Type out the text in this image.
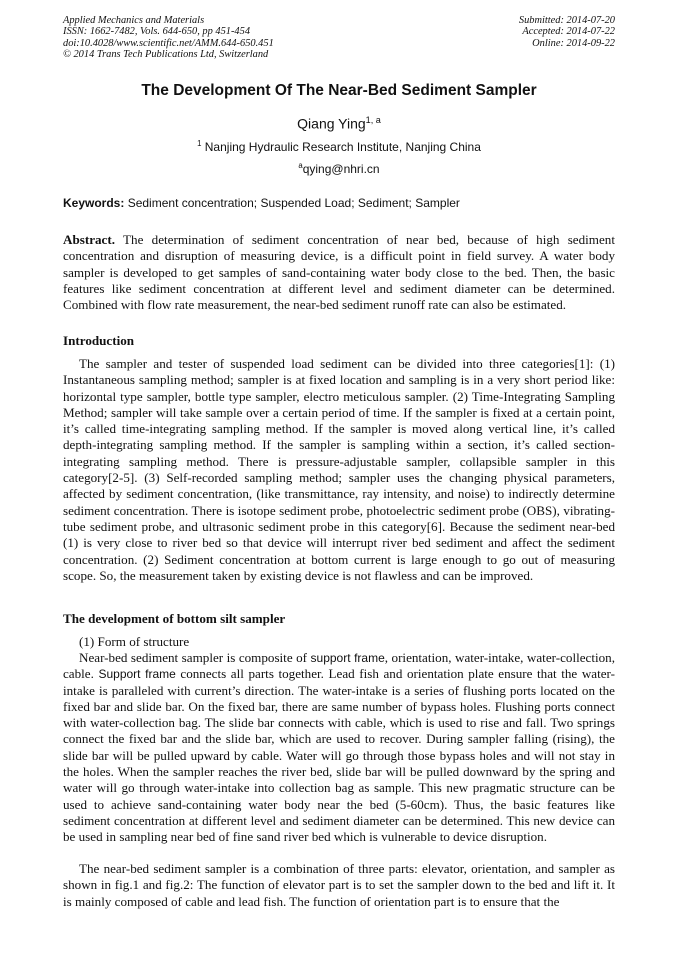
Applied Mechanics and Materials
ISSN: 1662-7482, Vols. 644-650, pp 451-454
doi:10.4028/www.scientific.net/AMM.644-650.451
© 2014 Trans Tech Publications Ltd, Switzerland
Submitted: 2014-07-20
Accepted: 2014-07-22
Online: 2014-09-22
The Development Of The Near-Bed Sediment Sampler
Qiang Ying$^{1, a}$
$^1$ Nanjing Hydraulic Research Institute, Nanjing China
$^a$qying@nhri.cn
Keywords: Sediment concentration; Suspended Load; Sediment; Sampler
Abstract. The determination of sediment concentration of near bed, because of high sediment concentration and disruption of measuring device, is a difficult point in field survey. A water body sampler is developed to get samples of sand-containing water body close to the bed. Then, the basic features like sediment concentration at different level and sediment diameter can be determined. Combined with flow rate measurement, the near-bed sediment runoff rate can also be estimated.
Introduction
The sampler and tester of suspended load sediment can be divided into three categories[1]: (1) Instantaneous sampling method; sampler is at fixed location and sampling is in a very short period like: horizontal type sampler, bottle type sampler, electro meticulous sampler. (2) Time-Integrating Sampling Method; sampler will take sample over a certain period of time. If the sampler is fixed at a certain point, it’s called time-integrating sampling method. If the sampler is moved along vertical line, it’s called depth-integrating sampling method. If the sampler is sampling within a section, it’s called section-integrating sampling method. There is pressure-adjustable sampler, collapsible sampler in this category[2-5]. (3) Self-recorded sampling method; sampler uses the changing physical parameters, affected by sediment concentration, (like transmittance, ray intensity, and noise) to indirectly determine sediment concentration. There is isotope sediment probe, photoelectric sediment probe (OBS), vibrating-tube sediment probe, and ultrasonic sediment probe in this category[6]. Because the sediment near-bed (1) is very close to river bed so that device will interrupt river bed sediment and affect the sediment concentration. (2) Sediment concentration at bottom current is large enough to go out of measuring scope. So, the measurement taken by existing device is not flawless and can be improved.
The development of bottom silt sampler
(1) Form of structure
Near-bed sediment sampler is composite of support frame, orientation, water-intake, water-collection, cable. Support frame connects all parts together. Lead fish and orientation plate ensure that the water-intake is paralleled with current’s direction. The water-intake is a series of flushing ports located on the fixed bar and slide bar. On the fixed bar, there are same number of bypass holes. Flushing ports connect with water-collection bag. The slide bar connects with cable, which is used to rise and fall. Two springs connect the fixed bar and the slide bar, which are used to recover. During sampler falling (rising), the slide bar will be pulled upward by cable. Water will go through those bypass holes and will not stay in the holes. When the sampler reaches the river bed, slide bar will be pulled downward by the spring and water will go through water-intake into collection bag as sample. This new pragmatic structure can be used to achieve sand-containing water body near the bed (5-60cm). Thus, the basic features like sediment concentration at different level and sediment diameter can be determined. This new device can be used in sampling near bed of fine sand river bed which is vulnerable to device disruption.
The near-bed sediment sampler is a combination of three parts: elevator, orientation, and sampler as shown in fig.1 and fig.2: The function of elevator part is to set the sampler down to the bed and lift it. It is mainly composed of cable and lead fish. The function of orientation part is to ensure that the
